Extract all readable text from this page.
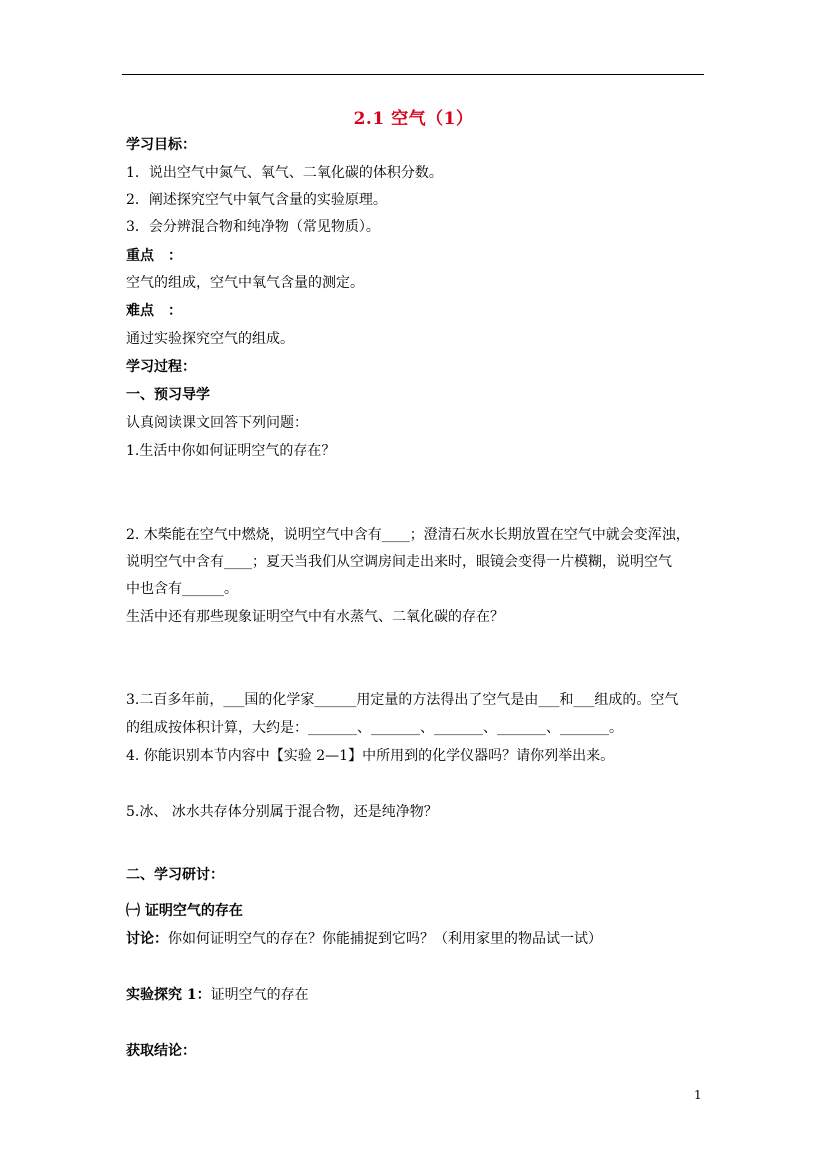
2.1 空气（1）
学习目标：
1．说出空气中氮气、氧气、二氧化碳的体积分数。
2．阐述探究空气中氧气含量的实验原理。
3．会分辨混合物和纯净物（常见物质）。
重点　：
空气的组成，空气中氧气含量的测定。
难点　：
通过实验探究空气的组成。
学习过程：
一、预习导学
认真阅读课文回答下列问题：
1.生活中你如何证明空气的存在？
2. 木柴能在空气中燃烧，说明空气中含有____；澄清石灰水长期放置在空气中就会变浑浊，
说明空气中含有____；夏天当我们从空调房间走出来时，眼镜会变得一片模糊，说明空气
中也含有______。
生活中还有那些现象证明空气中有水蒸气、二氧化碳的存在？
3.二百多年前，___国的化学家______用定量的方法得出了空气是由___和___组成的。空气
的组成按体积计算，大约是：_______、_______、_______、_______、_______。
4. 你能识别本节内容中【实验 2—1】中所用到的化学仪器吗？请你列举出来。
5.冰、 冰水共存体分别属于混合物，还是纯净物？
二、学习研讨：
㈠ 证明空气的存在
讨论：你如何证明空气的存在？你能捕捉到它吗？（利用家里的物品试一试）
实验探究 1：证明空气的存在
获取结论：
1
